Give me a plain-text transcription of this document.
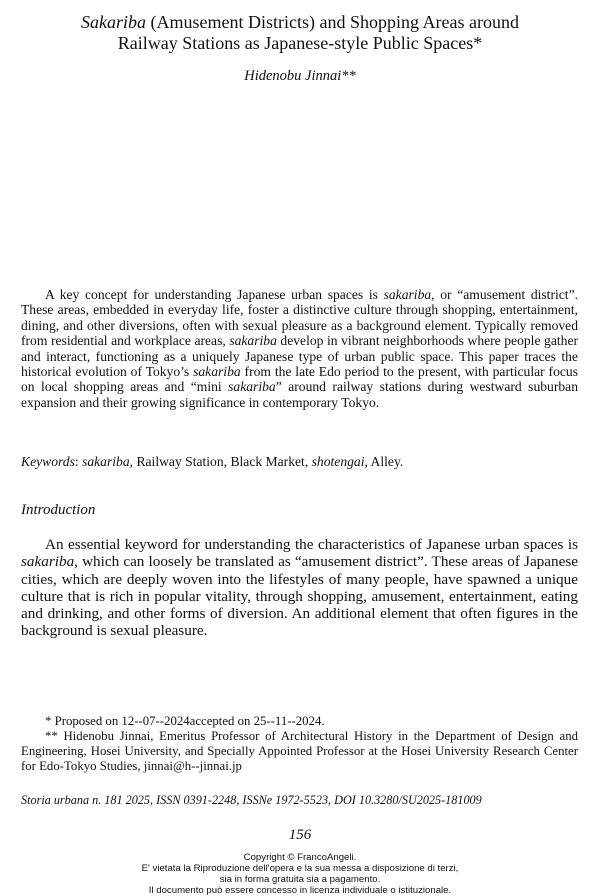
Sakariba (Amusement Districts) and Shopping Areas around
Railway Stations as Japanese-style Public Spaces*
Hidenobu Jinnai**

A key concept for understanding Japanese urban spaces is sakariba, or “amusement district”. These areas, embedded in everyday life, foster a distinctive culture through shopping, entertainment, dining, and other diversions, often with sexual pleasure as a background element. Typically removed from residential and workplace areas, sakariba develop in vibrant neighborhoods where people gather and interact, functioning as a uniquely Japanese type of urban public space. This paper traces the historical evolution of Tokyo’s sakariba from the late Edo period to the present, with particular focus on local shopping areas and “mini sakariba” around railway stations during westward suburban expansion and their growing significance in contemporary Tokyo.

Keywords: sakariba, Railway Station, Black Market, shotengai, Alley.

Introduction

An essential keyword for understanding the characteristics of Japanese urban spaces is sakariba, which can loosely be translated as “amusement district”. These areas of Japanese cities, which are deeply woven into the lifestyles of many people, have spawned a unique culture that is rich in popular vitality, through shopping, amusement, entertainment, eating and drinking, and other forms of diversion. An additional element that often figures in the background is sexual pleasure.

* Proposed on 12--07--2024accepted on 25--11--2024.
** Hidenobu Jinnai, Emeritus Professor of Architectural History in the Department of Design and Engineering, Hosei University, and Specially Appointed Professor at the Hosei University Research Center for Edo-Tokyo Studies, jinnai@h--jinnai.jp
Storia urbana n. 181 2025, ISSN 0391-2248, ISSNe 1972-5523, DOI 10.3280/SU2025-181009
156
Copyright © FrancoAngeli.
E' vietata la Riproduzione dell'opera e la sua messa a disposizione di terzi,
sia in forma gratuita sia a pagamento.
Il documento può essere concesso in licenza individuale o istituzionale.
